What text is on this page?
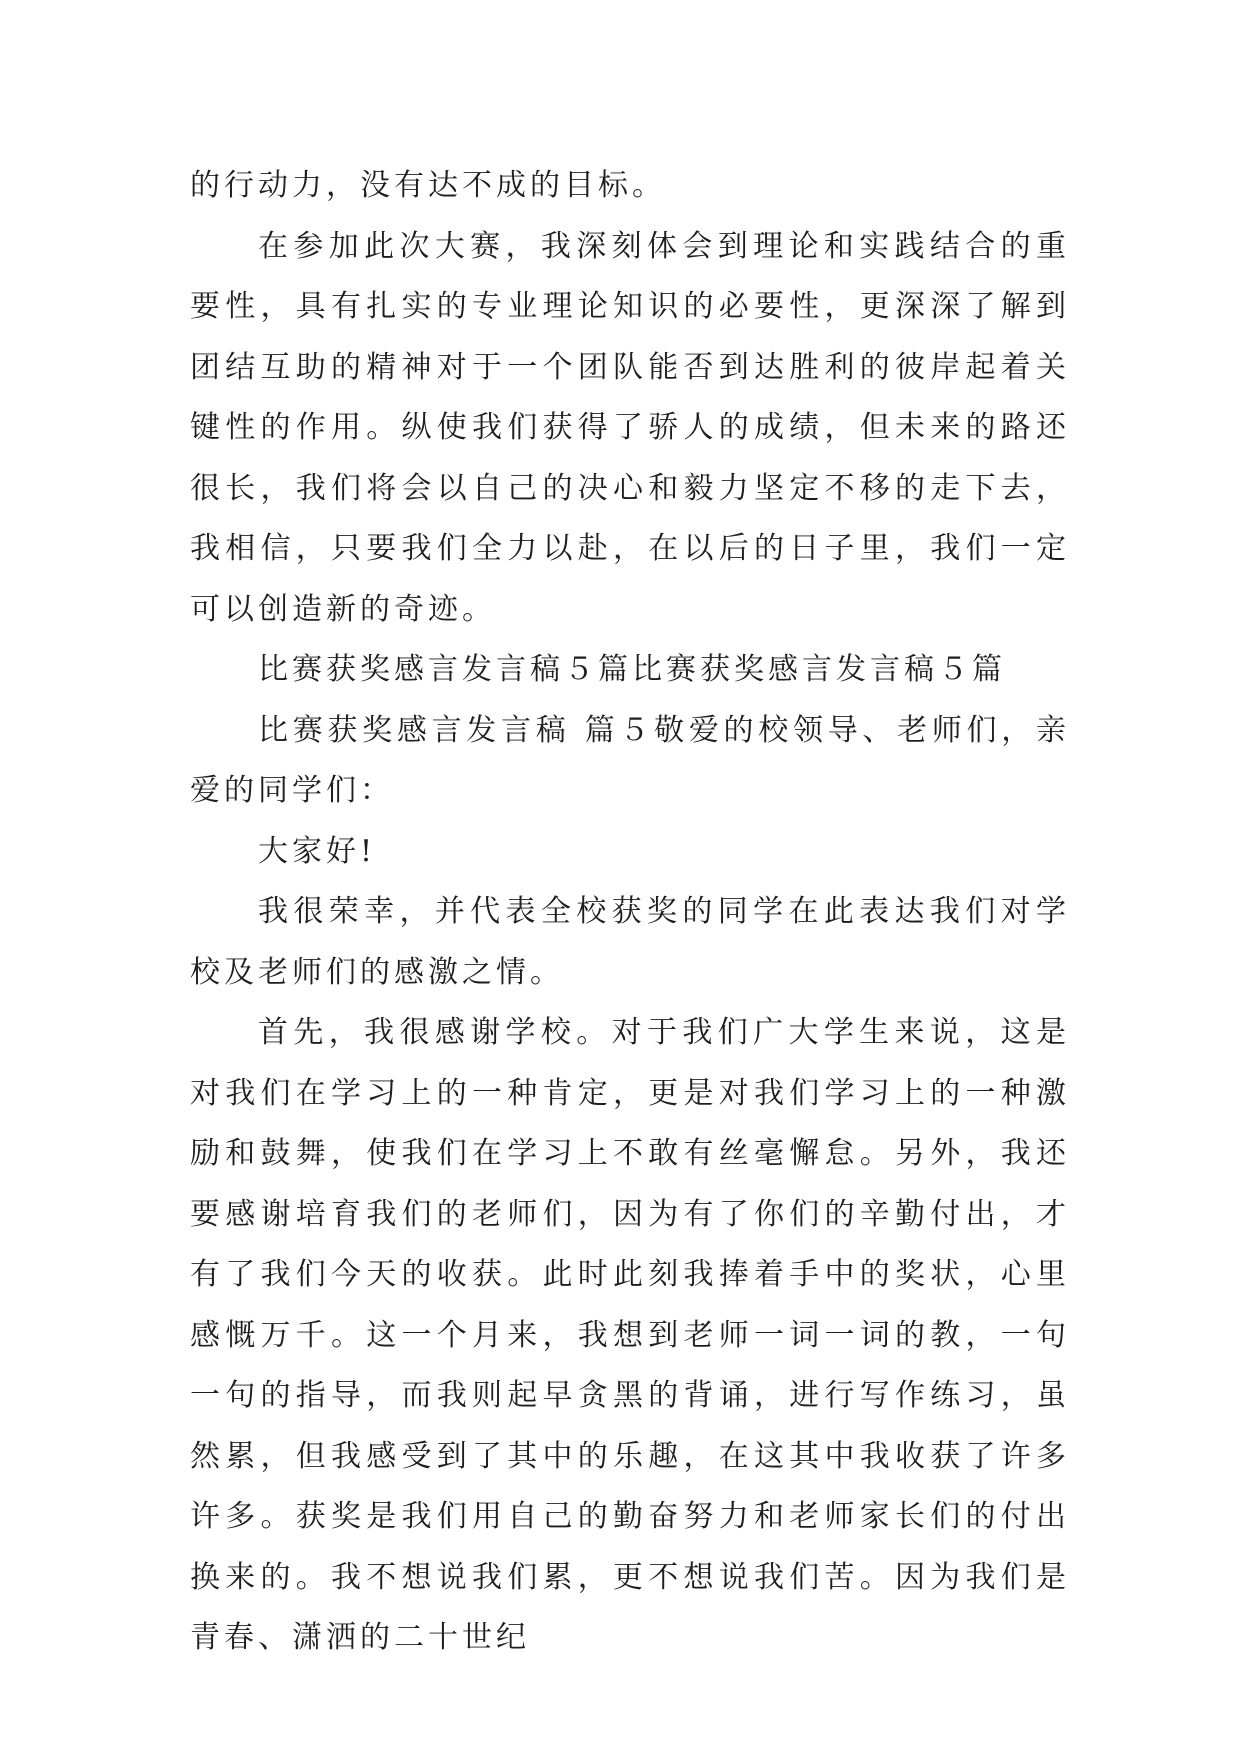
的行动力，没有达不成的目标。

在参加此次大赛，我深刻体会到理论和实践结合的重要性，具有扎实的专业理论知识的必要性，更深深了解到团结互助的精神对于一个团队能否到达胜利的彼岸起着关键性的作用。纵使我们获得了骄人的成绩，但未来的路还很长，我们将会以自己的决心和毅力坚定不移的走下去，我相信，只要我们全力以赴，在以后的日子里，我们一定可以创造新的奇迹。

比赛获奖感言发言稿５篇比赛获奖感言发言稿５篇

比赛获奖感言发言稿 篇５敬爱的校领导、老师们，亲爱的同学们：

大家好!

我很荣幸，并代表全校获奖的同学在此表达我们对学校及老师们的感激之情。

首先，我很感谢学校。对于我们广大学生来说，这是对我们在学习上的一种肯定，更是对我们学习上的一种激励和鼓舞，使我们在学习上不敢有丝毫懈怠。另外，我还要感谢培育我们的老师们，因为有了你们的辛勤付出，才有了我们今天的收获。此时此刻我捧着手中的奖状，心里感慨万千。这一个月来，我想到老师一词一词的教，一句一句的指导，而我则起早贪黑的背诵，进行写作练习，虽然累，但我感受到了其中的乐趣，在这其中我收获了许多许多。获奖是我们用自己的勤奋努力和老师家长们的付出换来的。我不想说我们累，更不想说我们苦。因为我们是青春、潇洒的二十世纪
